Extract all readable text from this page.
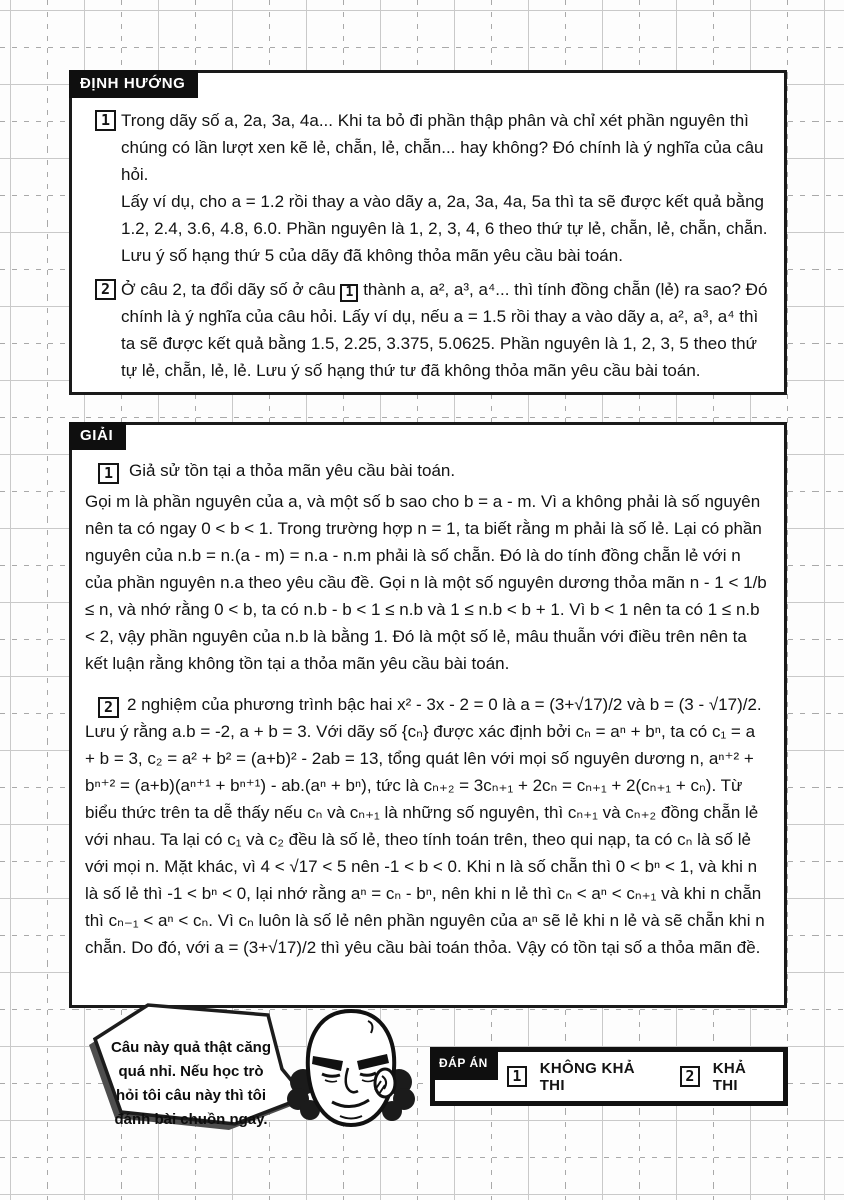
ĐỊNH HƯỚNG
1 Trong dãy số a, 2a, 3a, 4a... Khi ta bỏ đi phần thập phân và chỉ xét phần nguyên thì chúng có lần lượt xen kẽ lẻ, chẵn, lẻ, chẵn... hay không? Đó chính là ý nghĩa của câu hỏi.

Lấy ví dụ, cho a = 1.2 rồi thay a vào dãy a, 2a, 3a, 4a, 5a thì ta sẽ được kết quả bằng 1.2, 2.4, 3.6, 4.8, 6.0. Phần nguyên là 1, 2, 3, 4, 6 theo thứ tự lẻ, chẵn, lẻ, chẵn, chẵn. Lưu ý số hạng thứ 5 của dãy đã không thỏa mãn yêu cầu bài toán.

2 Ở câu 2, ta đổi dãy số ở câu 1 thành a, a², a³, a⁴... thì tính đồng chẵn (lẻ) ra sao? Đó chính là ý nghĩa của câu hỏi. Lấy ví dụ, nếu a = 1.5 rồi thay a vào dãy a, a², a³, a⁴ thì ta sẽ được kết quả bằng 1.5, 2.25, 3.375, 5.0625. Phần nguyên là 1, 2, 3, 5 theo thứ tự lẻ, chẵn, lẻ, lẻ. Lưu ý số hạng thứ tư đã không thỏa mãn yêu cầu bài toán.

GIẢI

1 Giả sử tồn tại a thỏa mãn yêu cầu bài toán.

Gọi m là phần nguyên của a, và một số b sao cho b = a - m. Vì a không phải là số nguyên nên ta có ngay 0 < b < 1. Trong trường hợp n = 1, ta biết rằng m phải là số lẻ. Lại có phần nguyên của n.b = n.(a - m) = n.a - n.m phải là số chẵn. Đó là do tính đồng chẵn lẻ với n của phần nguyên n.a theo yêu cầu đề. Gọi n là một số nguyên dương thỏa mãn n - 1 < 1/b ≤ n, và nhớ rằng 0 < b, ta có n.b - b < 1 ≤ n.b và 1 ≤ n.b < b + 1. Vì b < 1 nên ta có 1 ≤ n.b < 2, vậy phần nguyên của n.b là bằng 1. Đó là một số lẻ, mâu thuẫn với điều trên nên ta kết luận rằng không tồn tại a thỏa mãn yêu cầu bài toán.

2 2 nghiệm của phương trình bậc hai x² - 3x - 2 = 0 là a = (3+√17)/2 và b = (3 - √17)/2. Lưu ý rằng a.b = -2, a + b = 3. Với dãy số {cₙ} được xác định bởi cₙ = aⁿ + bⁿ, ta có c₁ = a + b = 3, c₂ = a² + b² = (a+b)² - 2ab = 13, tổng quát lên với mọi số nguyên dương n, aⁿ⁺² + bⁿ⁺² = (a+b)(aⁿ⁺¹ + bⁿ⁺¹) - ab.(aⁿ + bⁿ), tức là cₙ₊₂ = 3cₙ₊₁ + 2cₙ = cₙ₊₁ + 2(cₙ₊₁ + cₙ). Từ biểu thức trên ta dễ thấy nếu cₙ và cₙ₊₁ là những số nguyên, thì cₙ₊₁ và cₙ₊₂ đồng chẵn lẻ với nhau. Ta lại có c₁ và c₂ đều là số lẻ, theo tính toán trên, theo qui nạp, ta có cₙ là số lẻ với mọi n. Mặt khác, vì 4 < √17 < 5 nên -1 < b < 0. Khi n là số chẵn thì 0 < bⁿ < 1, và khi n là số lẻ thì -1 < bⁿ < 0, lại nhớ rằng aⁿ = cₙ - bⁿ, nên khi n lẻ thì cₙ < aⁿ < cₙ₊₁ và khi n chẵn thì cₙ₋₁ < aⁿ < cₙ. Vì cₙ luôn là số lẻ nên phần nguyên của aⁿ sẽ lẻ khi n lẻ và sẽ chẵn khi n chẵn. Do đó, với a = (3+√17)/2 thì yêu cầu bài toán thỏa. Vậy có tồn tại số a thỏa mãn đề.

Câu này quả thật căng
quá nhỉ. Nếu học trò
hỏi tôi câu này thì tôi
đánh bài chuồn ngay.
ĐÁP ÁN
1	KHÔNG KHẢ THI	2	KHẢ THI
